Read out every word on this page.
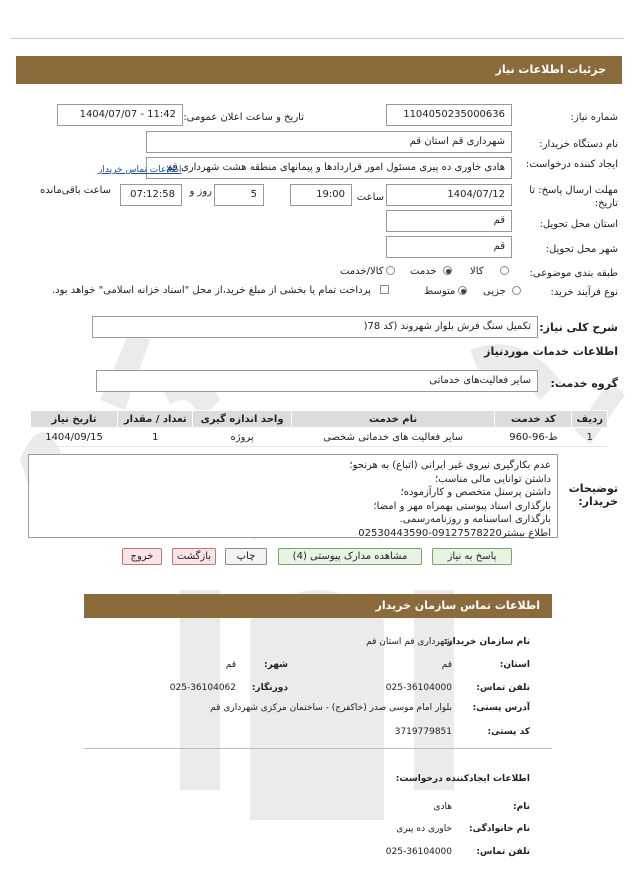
جزئیات اطلاعات نیاز
شماره نیاز:
1104050235000636
تاریخ و ساعت اعلان عمومی:
1404/07/07 - 11:42
نام دستگاه خریدار:
شهرداری قم استان قم
ایجاد کننده درخواست:
هادی خاوری ده پیری مسئول امور قراردادها و پیمانهای منطقه هشت شهرداری قم
اطلاعات تماس خریدار
مهلت ارسال پاسخ: تا تاریخ:
1404/07/12
ساعت
19:00
5
روز و
07:12:58
ساعت باقی‌مانده
استان محل تحویل:
قم
شهر محل تحویل:
قم
طبقه بندی موضوعی:
کالا
خدمت
کالا/خدمت
نوع فرآیند خرید:
جزیی
متوسط
پرداخت تمام یا بخشی از مبلغ خرید،از محل "اسناد خزانه اسلامی" خواهد بود.
شرح کلی نیاز:
تکمیل سنگ فرش بلوار شهروند (کد 78(
اطلاعات خدمات موردنیاز
گروه خدمت:
سایر فعالیت‌های خدماتی
ردیف	کد خدمت	نام خدمت	واحد اندازه گیری	تعداد / مقدار	تاریخ نیاز
1	ط-96-960	سایر فعالیت های خدماتی شخصی	پروژه	1	1404/09/15
توضیحات خریدار:
عدم بکارگیری نیروی غیر ایرانی (اتباع) به هرنحو؛
داشتن توانایی مالی مناسب؛
داشتن پرسنل متخصص و کارآزموده؛
بارگذاری اسناد پیوستی بهمراه مهر و امضا؛
بارگذاری اساسنامه و روزنامه‌رسمی.
اطلاع بیشتر09127578220-02530443590
پاسخ به نیاز
مشاهده مدارک پیوستی (4)
چاپ
بازگشت
خروج
اطلاعات تماس سازمان خریدار
نام سازمان خریدار:
شهرداری قم استان قم
استان:
قم
شهر:
قم
تلفن تماس:
025-36104000
دورنگار:
025-36104062
آدرس پستی:
بلوار امام موسی صدر (خاکفرج) - ساختمان مرکزی شهرداری قم
کد پستی:
3719779851
اطلاعات ایجادکننده درخواست:
نام:
هادی
نام خانوادگی:
خاوری ده پیری
تلفن تماس:
025-36104000
